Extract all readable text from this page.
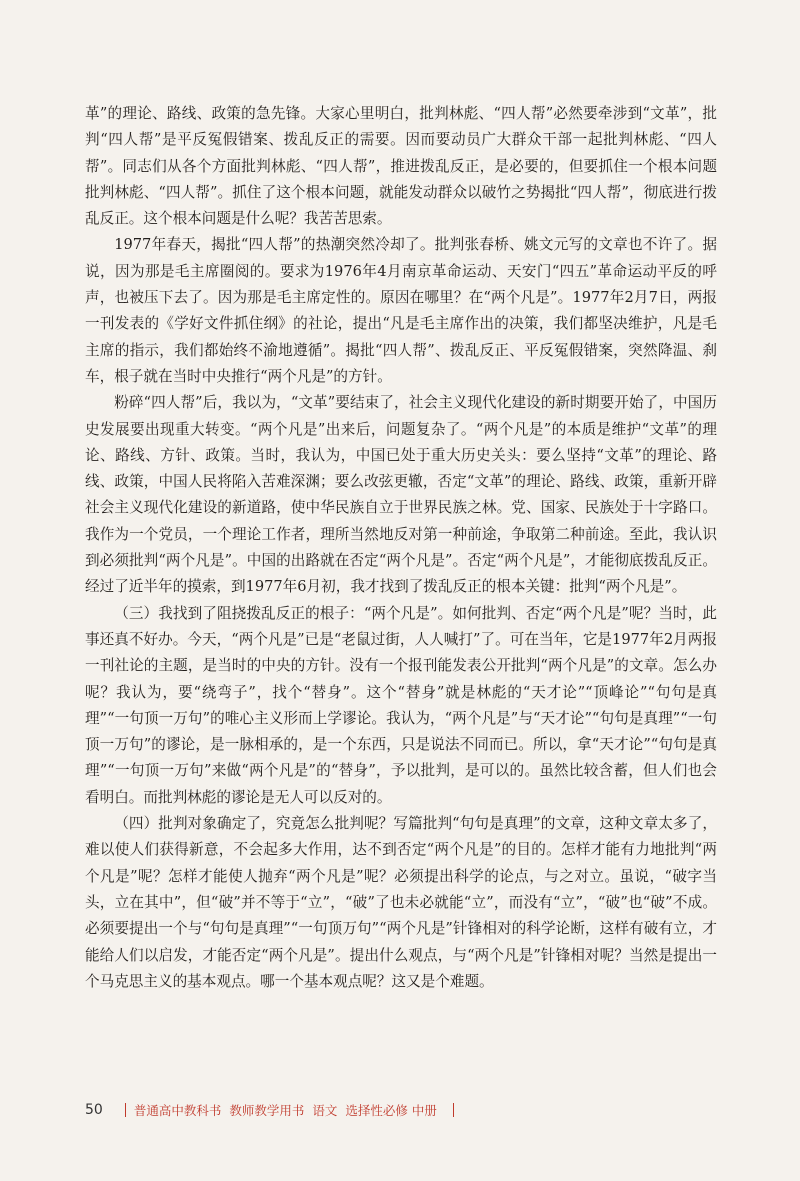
革”的理论、路线、政策的急先锋。大家心里明白，批判林彪、“四人帮”必然要牵涉到“文革”，批判“四人帮”是平反冤假错案、拨乱反正的需要。因而要动员广大群众干部一起批判林彪、“四人帮”。同志们从各个方面批判林彪、“四人帮”，推进拨乱反正，是必要的，但要抓住一个根本问题批判林彪、“四人帮”。抓住了这个根本问题，就能发动群众以破竹之势揭批“四人帮”，彻底进行拨乱反正。这个根本问题是什么呢？我苦苦思索。

1977年春天，揭批“四人帮”的热潮突然冷却了。批判张春桥、姚文元写的文章也不许了。据说，因为那是毛主席圈阅的。要求为1976年4月南京革命运动、天安门“四五”革命运动平反的呼声，也被压下去了。因为那是毛主席定性的。原因在哪里？在“两个凡是”。1977年2月7日，两报一刊发表的《学好文件抓住纲》的社论，提出“凡是毛主席作出的决策，我们都坚决维护，凡是毛主席的指示，我们都始终不渝地遵循”。揭批“四人帮”、拨乱反正、平反冤假错案，突然降温、刹车，根子就在当时中央推行“两个凡是”的方针。

粉碎“四人帮”后，我以为，“文革”要结束了，社会主义现代化建设的新时期要开始了，中国历史发展要出现重大转变。“两个凡是”出来后，问题复杂了。“两个凡是”的本质是维护“文革”的理论、路线、方针、政策。当时，我认为，中国已处于重大历史关头：要么坚持“文革”的理论、路线、政策，中国人民将陷入苦难深渊；要么改弦更辙，否定“文革”的理论、路线、政策，重新开辟社会主义现代化建设的新道路，使中华民族自立于世界民族之林。党、国家、民族处于十字路口。我作为一个党员，一个理论工作者，理所当然地反对第一种前途，争取第二种前途。至此，我认识到必须批判“两个凡是”。中国的出路就在否定“两个凡是”。否定“两个凡是”，才能彻底拨乱反正。经过了近半年的摸索，到1977年6月初，我才找到了拨乱反正的根本关键：批判“两个凡是”。

（三）我找到了阻挠拨乱反正的根子：“两个凡是”。如何批判、否定“两个凡是”呢？当时，此事还真不好办。今天，“两个凡是”已是“老鼠过街，人人喊打”了。可在当年，它是1977年2月两报一刊社论的主题，是当时的中央的方针。没有一个报刊能发表公开批判“两个凡是”的文章。怎么办呢？我认为，要“绕弯子”，找个“替身”。这个“替身”就是林彪的“天才论”“顶峰论”“句句是真理”“一句顶一万句”的唯心主义形而上学谬论。我认为，“两个凡是”与“天才论”“句句是真理”“一句顶一万句”的谬论，是一脉相承的，是一个东西，只是说法不同而已。所以，拿“天才论”“句句是真理”“一句顶一万句”来做“两个凡是”的“替身”，予以批判，是可以的。虽然比较含蓄，但人们也会看明白。而批判林彪的谬论是无人可以反对的。

（四）批判对象确定了，究竟怎么批判呢？写篇批判“句句是真理”的文章，这种文章太多了，难以使人们获得新意，不会起多大作用，达不到否定“两个凡是”的目的。怎样才能有力地批判“两个凡是”呢？怎样才能使人抛弃“两个凡是”呢？必须提出科学的论点，与之对立。虽说，“破字当头，立在其中”，但“破”并不等于“立”，“破”了也未必就能“立”，而没有“立”，“破”也“破”不成。必须要提出一个与“句句是真理”“一句顶万句”“两个凡是”针锋相对的科学论断，这样有破有立，才能给人们以启发，才能否定“两个凡是”。提出什么观点，与“两个凡是”针锋相对呢？当然是提出一个马克思主义的基本观点。哪一个基本观点呢？这又是个难题。

50 普通高中教科书 教师教学用书 语文 选择性必修 中册
